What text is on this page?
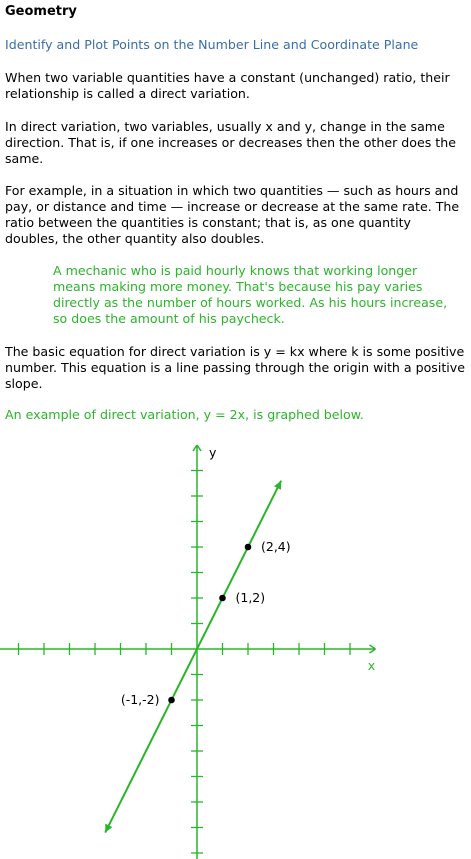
Geometry
Identify and Plot Points on the Number Line and Coordinate Plane

When two variable quantities have a constant (unchanged) ratio, their relationship is called a direct variation.

In direct variation, two variables, usually x and y, change in the same direction. That is, if one increases or decreases then the other does the same.

For example, in a situation in which two quantities — such as hours and pay, or distance and time — increase or decrease at the same rate. The ratio between the quantities is constant; that is, as one quantity doubles, the other quantity also doubles.

A mechanic who is paid hourly knows that working longer means making more money. That's because his pay varies directly as the number of hours worked. As his hours increase, so does the amount of his paycheck.

The basic equation for direct variation is y = kx where k is some positive number. This equation is a line passing through the origin with a positive slope.

An example of direct variation, y = 2x, is graphed below.

(2,4)
(1,2)
(-1,-2)
x
y
